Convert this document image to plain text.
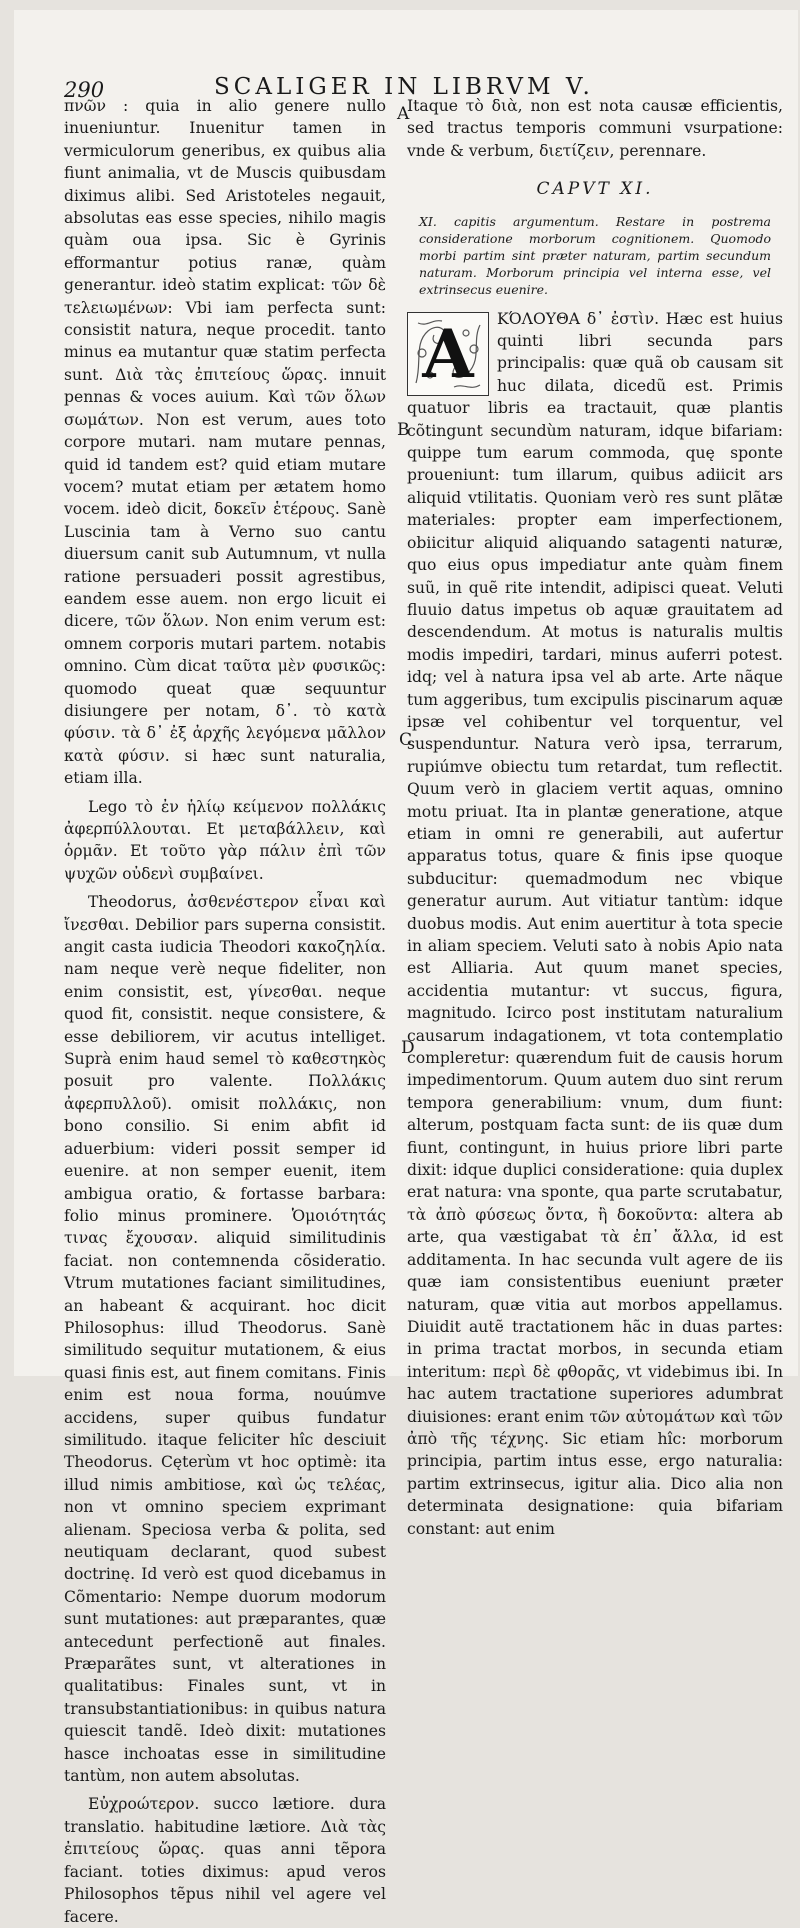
290	SCALIGER IN LIBRVM V.
A
B
C
D

πνῶν : quia in alio genere nullo inueniuntur. Inuenitur tamen in vermiculorum generibus, ex quibus alia fiunt animalia, vt de Muscis quibusdam diximus alibi. Sed Aristoteles negauit, absolutas eas esse species, nihilo magis quàm oua ipsa. Sic è Gyrinis efformantur potius ranæ, quàm generantur. ideò statim explicat: τῶν δὲ τελειωμένων: Vbi iam perfecta sunt: consistit natura, neque procedit. tanto minus ea mutantur quæ statim perfecta sunt. Διὰ τὰς ἐπιτείους ὥρας. innuit pennas & voces auium. Καὶ τῶν ὅλων σωμάτων. Non est verum, aues toto corpore mutari. nam mutare pennas, quid id tandem est? quid etiam mutare vocem? mutat etiam per ætatem homo vocem. ideò dicit, δοκεῖν ἑτέρους. Sanè Luscinia tam à Verno suo cantu diuersum canit sub Autumnum, vt nulla ratione persuaderi possit agrestibus, eandem esse auem. non ergo licuit ei dicere, τῶν ὅλων. Non enim verum est: omnem corporis mutari partem. notabis omnino. Cùm dicat ταῦτα μὲν φυσικῶς: quomodo queat quæ sequuntur disiungere per notam, δ᾽. τὸ κατὰ φύσιν. τὰ δ᾽ ἐξ ἀρχῆς λεγόμενα μᾶλλον κατὰ φύσιν. si hæc sunt naturalia, etiam illa.

Lego τὸ ἐν ἡλίῳ κείμενον πολλάκις ἀφερπύλλουται. Et μεταβάλλειν, καὶ ὁρμᾶν. Et τοῦτο γὰρ πάλιν ἐπὶ τῶν ψυχῶν οὐδενὶ συμβαίνει.

Theodorus, ἀσθενέστερον εἶναι καὶ ἴνεσθαι. Debilior pars superna consistit. angit casta iudicia Theodori κακοζηλία. nam neque verè neque fideliter, non enim consistit, est, γίνεσθαι. neque quod fit, consistit. neque consistere, & esse debiliorem, vir acutus intelliget. Suprà enim haud semel τὸ καθεστηκὸς posuit pro valente. Πολλάκις ἀφερπυλλοῦ). omisit πολλάκις, non bono consilio. Si enim abfit id aduerbium: videri possit semper id euenire. at non semper euenit, item ambigua oratio, & fortasse barbara: folio minus prominere. Ὁμοιότητάς τινας ἔχουσαν. aliquid similitudinis faciat. non contemnenda cõsideratio. Vtrum mutationes faciant similitudines, an habeant & acquirant. hoc dicit Philosophus: illud Theodorus. Sanè similitudo sequitur mutationem, & eius quasi finis est, aut finem comitans. Finis enim est noua forma, nouúmve accidens, super quibus fundatur similitudo. itaque feliciter hîc desciuit Theodorus. Cęterùm vt hoc optimè: ita illud nimis ambitiose, καὶ ὡς τελέας, non vt omnino speciem exprimant alienam. Speciosa verba & polita, sed neutiquam declarant, quod subest doctrinę. Id verò est quod dicebamus in Cõmentario: Nempe duorum modorum sunt mutationes: aut præparantes, quæ antecedunt perfectionẽ aut finales. Præparãtes sunt, vt alterationes in qualitatibus: Finales sunt, vt in transubstantiationibus: in quibus natura quiescit tandẽ. Ideò dixit: mutationes hasce inchoatas esse in similitudine tantùm, non autem absolutas.

Εὐχροώτερον. succo lætiore. dura translatio. habitudine lætiore. Διὰ τὰς ἐπιτείους ὥρας. quas anni tẽpora faciant. toties diximus: apud veros Philosophos tẽpus nihil vel agere vel facere.

Itaque τὸ διὰ, non est nota causæ efficientis, sed tractus temporis communi vsurpatione: vnde & verbum, διετίζειν, perennare.

CAPVT XI.
XI. capitis argumentum. Restare in postrema considerationе morborum cognitionem. Quomodo morbi partim sint præter naturam, partim secundum naturam. Morborum principia vel interna esse, vel extrinsecus euenire.
A	ΚΌΛΟΥΘΑ δ᾽ ἐστὶν. Hæc est huius quinti libri secunda pars principalis: quæ quã ob causam sit huc dilata, dicedũ est. Primis quatuor libris ea tractauit, quæ plantis cõtingunt secundùm naturam, idque bifariam: quippe tum earum commoda, quę sponte proueniunt: tum illarum, quibus adiicit ars aliquid vtilitatis. Quoniam verò res sunt plãtæ materiales: propter eam imperfectionem, obiicitur aliquid aliquando satagenti naturæ, quo eius opus impediatur ante quàm finem suũ, in quẽ rite intendit, adipisci queat. Veluti fluuio datus impetus ob aquæ grauitatem ad descendendum. At motus is naturalis multis modis impediri, tardari, minus auferri potest. idq; vel à natura ipsa vel ab arte. Arte nãque tum aggeribus, tum excipulis piscinarum aquæ ipsæ vel cohibentur vel torquentur, vel suspenduntur. Natura verò ipsa, terrarum, rupiúmve obiectu tum retardat, tum reflectit. Quum verò in glaciem vertit aquas, omnino motu priuat. Ita in plantæ generatione, atque etiam in omni re generabili, aut aufertur apparatus totus, quare & finis ipse quoque subducitur: quemadmodum nec vbique generatur aurum. Aut vitiatur tantùm: idque duobus modis. Aut enim auertitur à tota specie in aliam speciem. Veluti sato à nobis Apio nata est Alliaria. Aut quum manet species, accidentia mutantur: vt succus, figura, magnitudo. Icirco post institutam naturalium causarum indagationem, vt tota contemplatio compleretur: quærendum fuit de causis horum impedimentorum. Quum autem duo sint rerum tempora generabilium: vnum, dum fiunt: alterum, postquam facta sunt: de iis quæ dum fiunt, contingunt, in huius priore libri parte dixit: idque duplici consideratione: quia duplex erat natura: vna sponte, qua parte scrutabatur, τὰ ἀπὸ φύσεως ὄντα, ἢ δοκοῦντα: altera ab arte, qua væstigabat τὰ ἐπ᾽ ἄλλα, id est additamenta. In hac secunda vult agere de iis quæ iam consistentibus eueniunt præter naturam, quæ vitia aut morbos appellamus. Diuidit autẽ tractationem hãc in duas partes: in prima tractat morbos, in secunda etiam interitum: περὶ δὲ φθορᾶς, vt videbimus ibi. In hac autem tractatione superiores adumbrat diuisiones: erant enim τῶν αὐτομάτων καὶ τῶν ἀπὸ τῆς τέχνης. Sic etiam hîc: morborum principia, partim intus esse, ergo naturalia: partim extrinsecus, igitur alia. Dico alia non determinata designatione: quia bifariam constant: aut enim
